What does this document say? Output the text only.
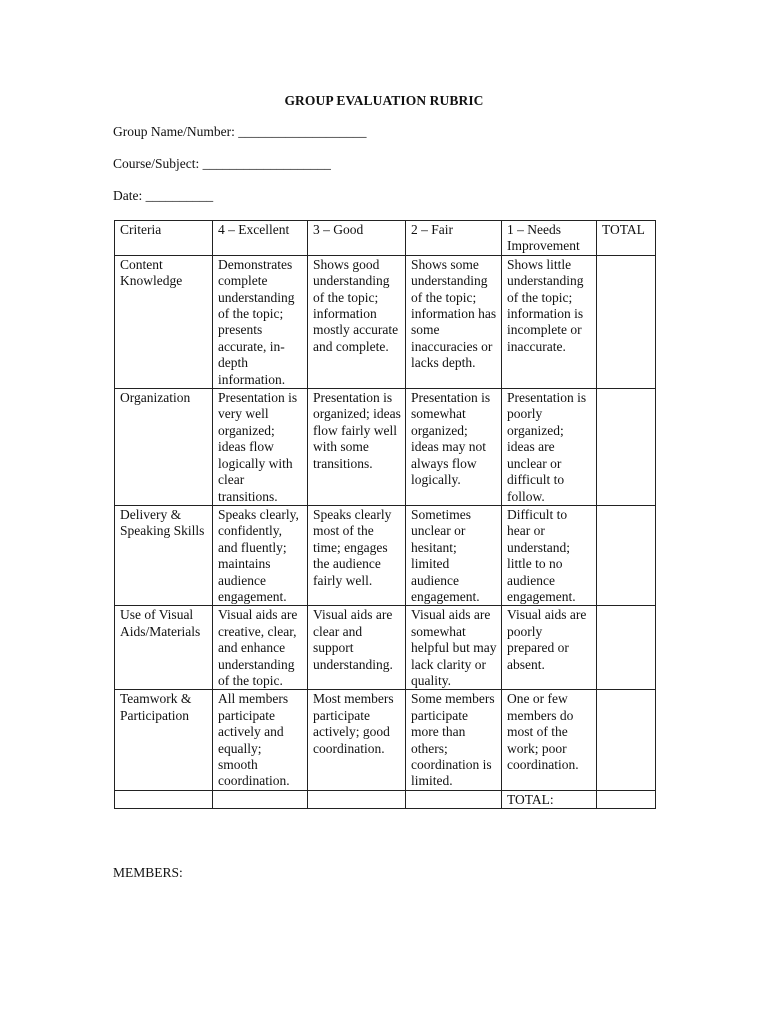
GROUP EVALUATION RUBRIC
Group Name/Number: ___________________
Course/Subject: ___________________
Date: __________
Criteria	4 – Excellent	3 – Good	2 – Fair	1 – Needs Improvement	TOTAL
Content Knowledge	Demonstrates complete understanding of the topic; presents accurate, in-depth information.	Shows good understanding of the topic; information mostly accurate and complete.	Shows some understanding of the topic; information has some inaccuracies or lacks depth.	Shows little understanding of the topic; information is incomplete or inaccurate.	
Organization	Presentation is very well organized; ideas flow logically with clear transitions.	Presentation is organized; ideas flow fairly well with some transitions.	Presentation is somewhat organized; ideas may not always flow logically.	Presentation is poorly organized; ideas are unclear or difficult to follow.	
Delivery & Speaking Skills	Speaks clearly, confidently, and fluently; maintains audience engagement.	Speaks clearly most of the time; engages the audience fairly well.	Sometimes unclear or hesitant; limited audience engagement.	Difficult to hear or understand; little to no audience engagement.	
Use of Visual Aids/Materials	Visual aids are creative, clear, and enhance understanding of the topic.	Visual aids are clear and support understanding.	Visual aids are somewhat helpful but may lack clarity or quality.	Visual aids are poorly prepared or absent.	
Teamwork & Participation	All members participate actively and equally; smooth coordination.	Most members participate actively; good coordination.	Some members participate more than others; coordination is limited.	One or few members do most of the work; poor coordination.	
				TOTAL:	
MEMBERS:
